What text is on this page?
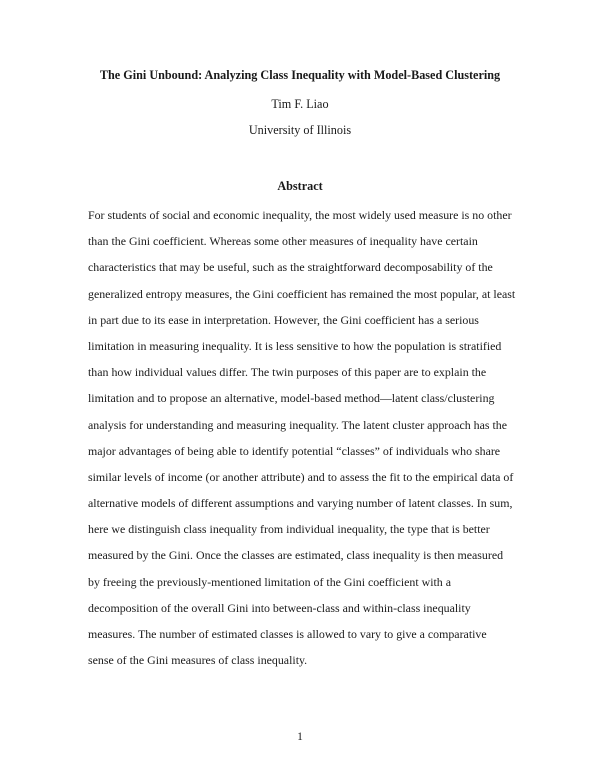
The Gini Unbound: Analyzing Class Inequality with Model-Based Clustering
Tim F. Liao
University of Illinois
Abstract
For students of social and economic inequality, the most widely used measure is no other
than the Gini coefficient. Whereas some other measures of inequality have certain
characteristics that may be useful, such as the straightforward decomposability of the
generalized entropy measures, the Gini coefficient has remained the most popular, at least
in part due to its ease in interpretation. However, the Gini coefficient has a serious
limitation in measuring inequality. It is less sensitive to how the population is stratified
than how individual values differ. The twin purposes of this paper are to explain the
limitation and to propose an alternative, model-based method—latent class/clustering
analysis for understanding and measuring inequality. The latent cluster approach has the
major advantages of being able to identify potential “classes” of individuals who share
similar levels of income (or another attribute) and to assess the fit to the empirical data of
alternative models of different assumptions and varying number of latent classes. In sum,
here we distinguish class inequality from individual inequality, the type that is better
measured by the Gini. Once the classes are estimated, class inequality is then measured
by freeing the previously-mentioned limitation of the Gini coefficient with a
decomposition of the overall Gini into between-class and within-class inequality
measures. The number of estimated classes is allowed to vary to give a comparative
sense of the Gini measures of class inequality.
1
